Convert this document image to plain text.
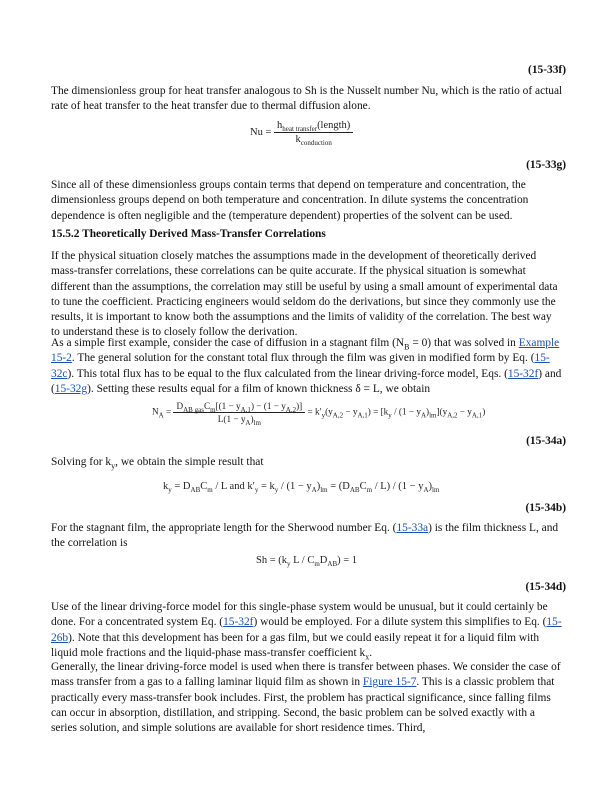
(15-33f)

The dimensionless group for heat transfer analogous to Sh is the Nusselt number Nu, which is the ratio of actual rate of heat transfer to the heat transfer due to thermal diffusion alone.

$Nu = \frac{h_{heat transfer}(length)}{k_{conduction}}$
(15-33g)

Since all of these dimensionless groups contain terms that depend on temperature and concentration, the dimensionless groups depend on both temperature and concentration. In dilute systems the concentration dependence is often negligible and the (temperature dependent) properties of the solvent can be used.

15.5.2 Theoretically Derived Mass-Transfer Correlations

If the physical situation closely matches the assumptions made in the development of theoretically derived mass-transfer correlations, these correlations can be quite accurate. If the physical situation is somewhat different than the assumptions, the correlation may still be useful by using a small amount of experimental data to tune the coefficient. Practicing engineers would seldom do the derivations, but since they commonly use the results, it is important to know both the assumptions and the limits of validity of the correlation. The best way to understand these is to closely follow the derivation.

As a simple first example, consider the case of diffusion in a stagnant film $(N_B = 0)$ that was solved in Example 15-2. The general solution for the constant total flux through the film was given in modified form by Eq. (15-32c). This total flux has to be equal to the flux calculated from the linear driving-force model, Eqs. (15-32f) and (15-32g). Setting these results equal for a film of known thickness δ = L, we obtain

$N_A = \frac{D_{AB gas}C_m[(1 - y_{A,1}) - (1 - y_{A,2})]}{L(1 - y_A)_{lm}} = k'_y(y_{A,2} - y_{A,1}) = [k_y / (1 - y_A)_{lm}](y_{A,2} - y_{A,1})$
(15-34a)

Solving for $k_y$, we obtain the simple result that

$k_y = D_{AB}C_m / L$ and $k'_y = k_y / (1 - y_A)_{lm} = (D_{AB}C_m / L) / (1 - y_A)_{lm}$
(15-34b)

For the stagnant film, the appropriate length for the Sherwood number Eq. (15-33a) is the film thickness L, and the correlation is

$Sh = (k_y$ $L / C_mD_{AB}) = 1$
(15-34d)

Use of the linear driving-force model for this single-phase system would be unusual, but it could certainly be done. For a concentrated system Eq. (15-32f) would be employed. For a dilute system this simplifies to Eq. (15-26b). Note that this development has been for a gas film, but we could easily repeat it for a liquid film with liquid mole fractions and the liquid-phase mass-transfer coefficient $k_x$.

Generally, the linear driving-force model is used when there is transfer between phases. We consider the case of mass transfer from a gas to a falling laminar liquid film as shown in Figure 15-7. This is a classic problem that practically every mass-transfer book includes. First, the problem has practical significance, since falling films can occur in absorption, distillation, and stripping. Second, the basic problem can be solved exactly with a series solution, and simple solutions are available for short residence times. Third,
